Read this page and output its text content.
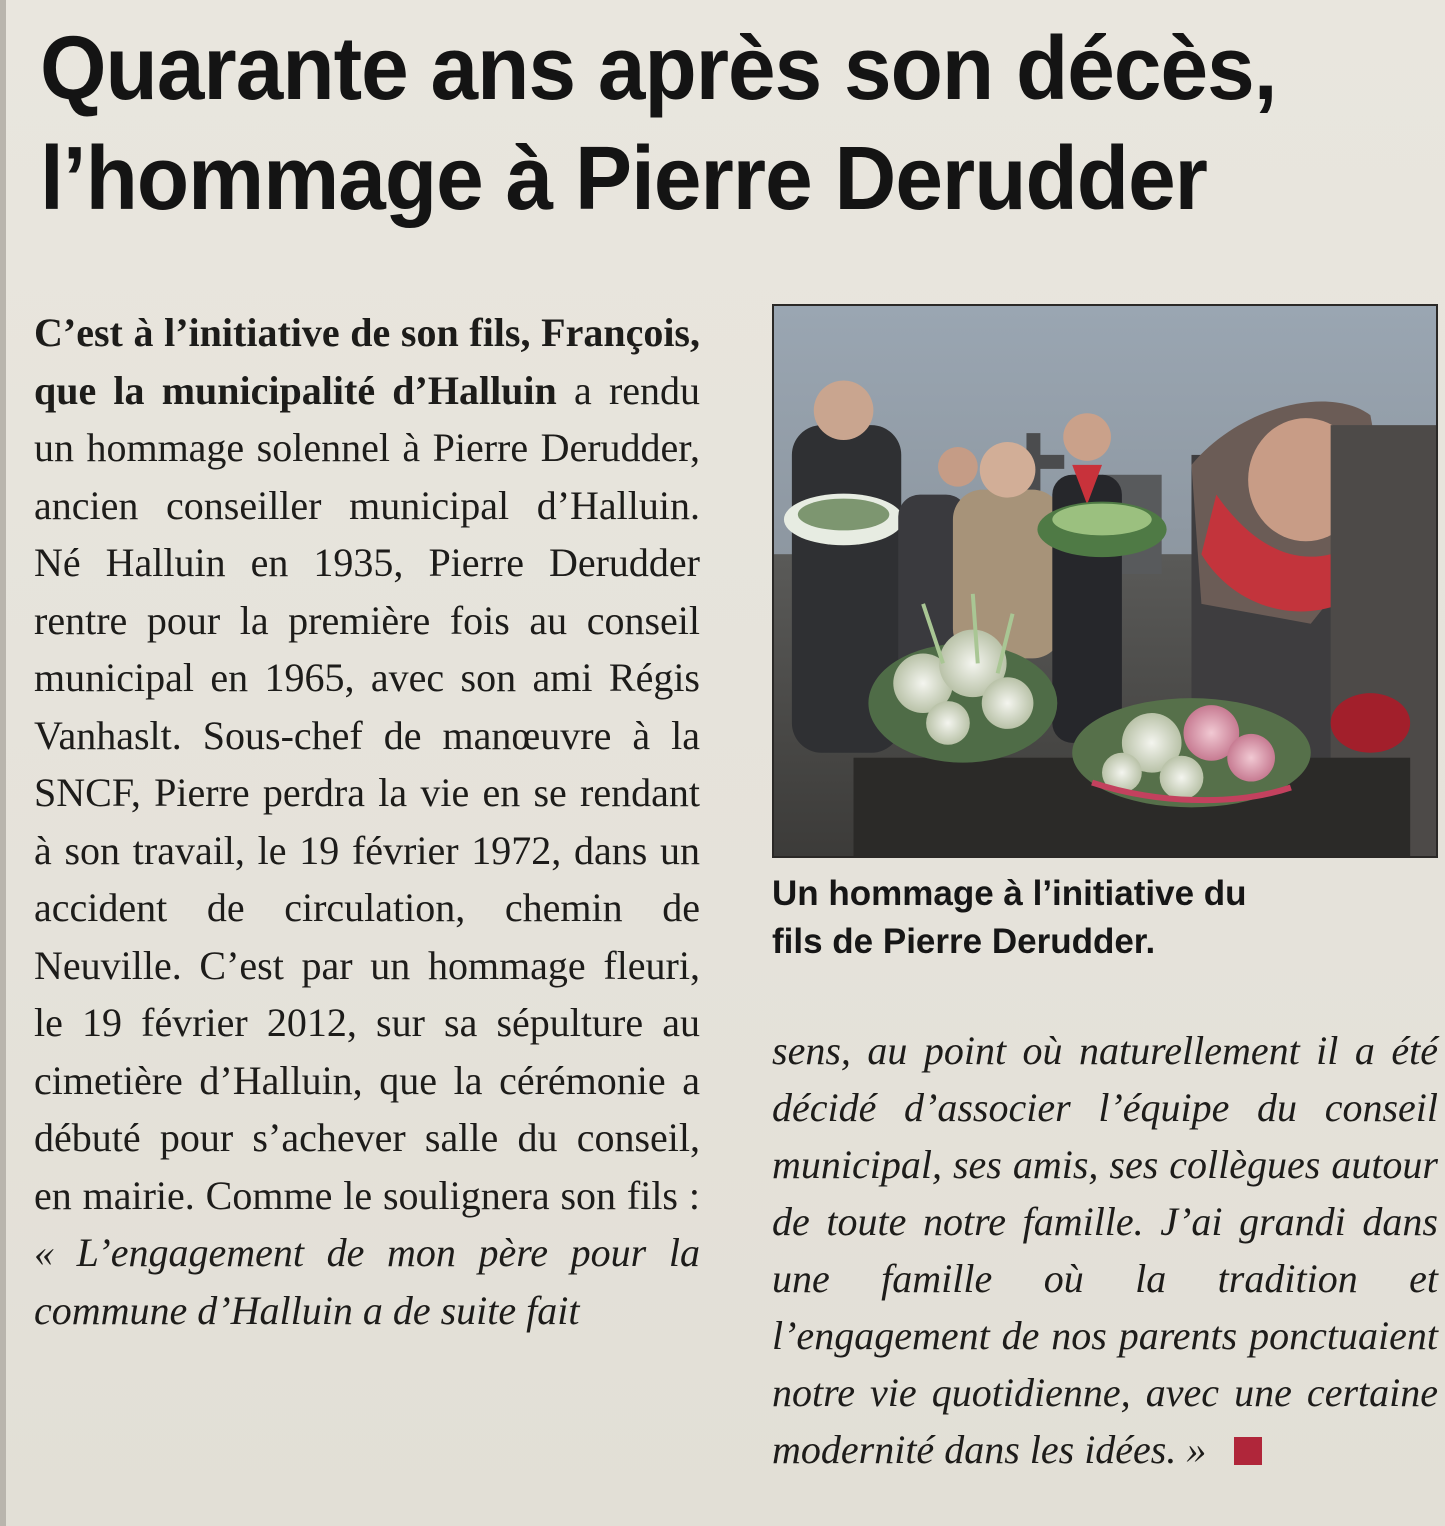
Quarante ans après son décès,
l’hommage à Pierre Derudder

C’est à l’initiative de son fils, François, que la municipalité d’Halluin a rendu un hommage solennel à Pierre Derudder, ancien conseiller municipal d’Halluin. Né Halluin en 1935, Pierre Derudder rentre pour la première fois au conseil municipal en 1965, avec son ami Régis Vanhaslt. Sous-chef de manœuvre à la SNCF, Pierre perdra la vie en se rendant à son travail, le 19 février 1972, dans un accident de circulation, chemin de Neuville. C’est par un hommage fleuri, le 19 février 2012, sur sa sépulture au cimetière d’Halluin, que la cérémonie a débuté pour s’achever salle du conseil, en mairie. Comme le soulignera son fils : « L’engagement de mon père pour la commune d’Halluin a de suite fait

Un hommage à l’initiative du
fils de Pierre Derudder.

sens, au point où naturellement il a été décidé d’associer l’équipe du conseil municipal, ses amis, ses collègues autour de toute notre famille. J’ai grandi dans une famille où la tradition et l’engagement de nos parents ponctuaient notre vie quotidienne, avec une certaine modernité dans les idées. »
